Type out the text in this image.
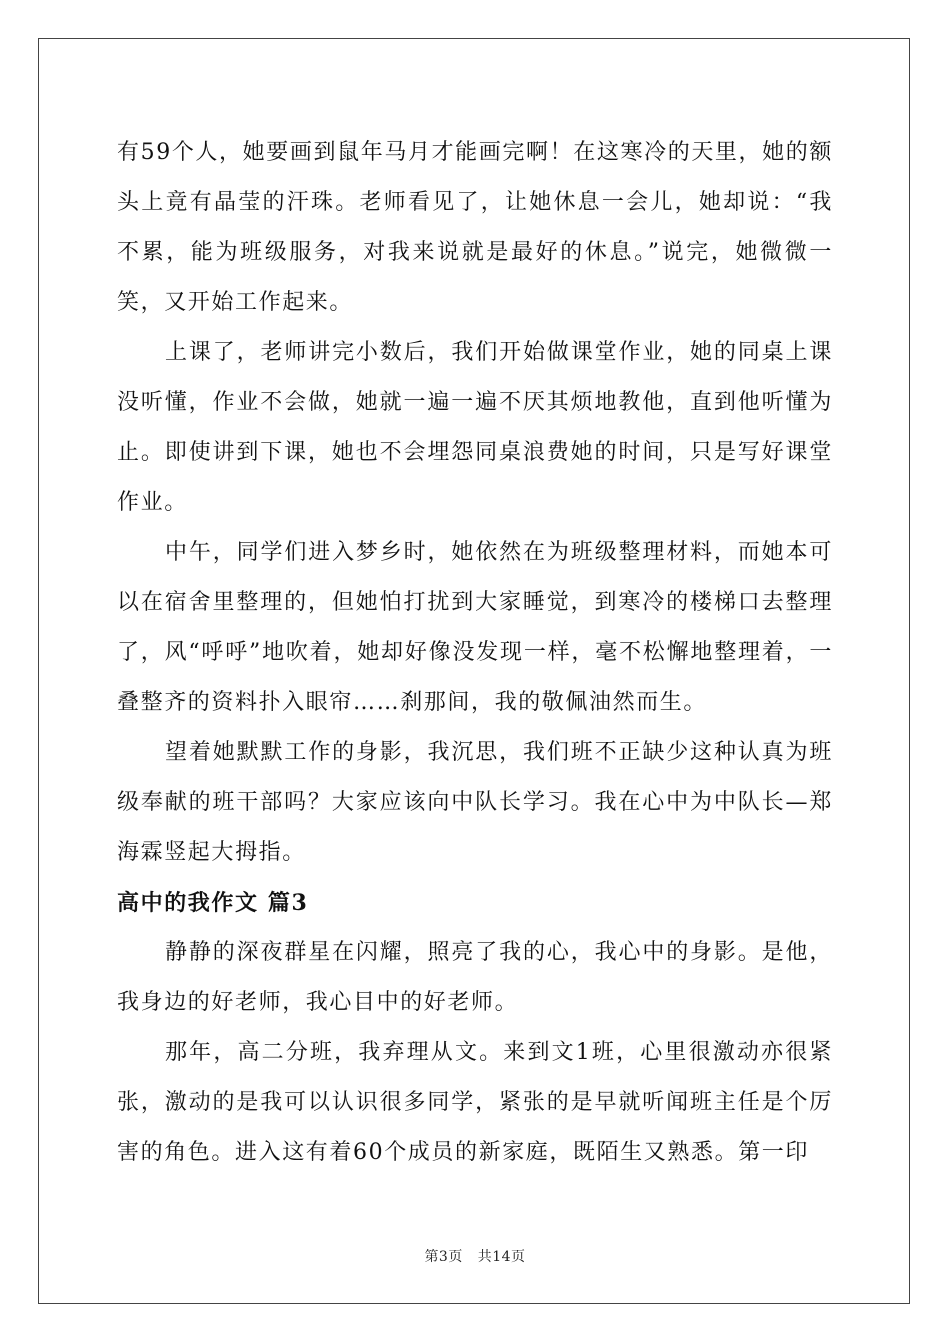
有59个人，她要画到鼠年马月才能画完啊！在这寒冷的天里，她的额头上竟有晶莹的汗珠。老师看见了，让她休息一会儿，她却说：“我不累，能为班级服务，对我来说就是最好的休息。”说完，她微微一笑，又开始工作起来。

上课了，老师讲完小数后，我们开始做课堂作业，她的同桌上课没听懂，作业不会做，她就一遍一遍不厌其烦地教他，直到他听懂为止。即使讲到下课，她也不会埋怨同桌浪费她的时间，只是写好课堂作业。

中午，同学们进入梦乡时，她依然在为班级整理材料，而她本可以在宿舍里整理的，但她怕打扰到大家睡觉，到寒冷的楼梯口去整理了，风“呼呼”地吹着，她却好像没发现一样，毫不松懈地整理着，一叠整齐的资料扑入眼帘……刹那间，我的敬佩油然而生。

望着她默默工作的身影，我沉思，我们班不正缺少这种认真为班级奉献的班干部吗？大家应该向中队长学习。我在心中为中队长—郑海霖竖起大拇指。

高中的我作文 篇3

静静的深夜群星在闪耀，照亮了我的心，我心中的身影。是他，我身边的好老师，我心目中的好老师。

那年，高二分班，我弃理从文。来到文1班，心里很激动亦很紧张，激动的是我可以认识很多同学，紧张的是早就听闻班主任是个厉害的角色。进入这有着60个成员的新家庭，既陌生又熟悉。第一印

第3页 共14页
